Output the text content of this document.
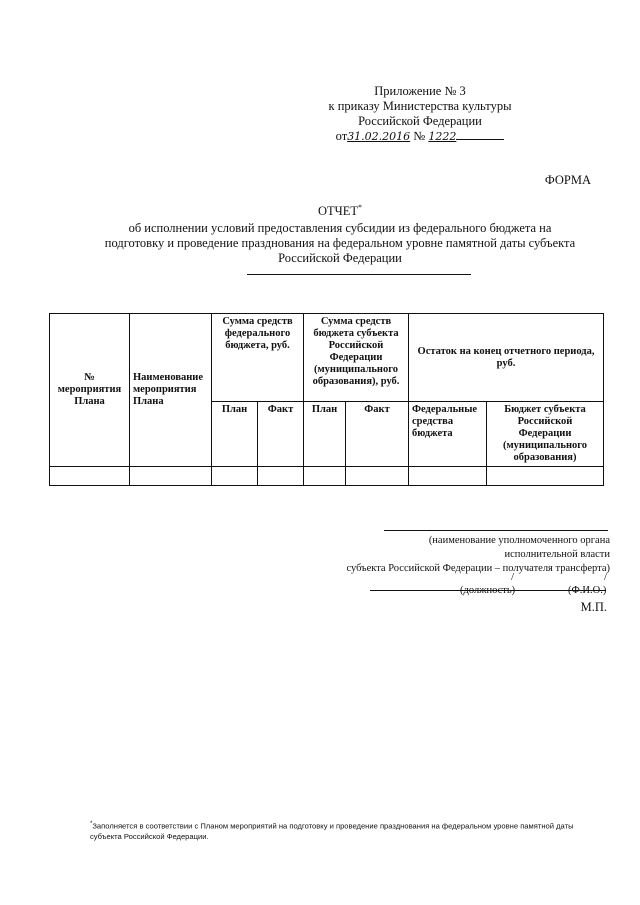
Приложение № 3
к приказу Министерства культуры
Российской Федерации
от31.02.2016 № 1222
ФОРМА
ОТЧЕТ*
об исполнении условий предоставления субсидии из федерального бюджета на
подготовку и проведение празднования на федеральном уровне памятной даты субъекта
Российской Федерации
№ мероприятия Плана	Наименование мероприятия Плана	Сумма средств федерального бюджета, руб.		Сумма средств бюджета субъекта Российской Федерации (муниципального образования), руб.		Остаток на конец отчетного периода, руб.	
		План	Факт	План	Факт	Федеральные средства бюджета	Бюджет субъекта Российской Федерации (муниципального образования)

(наименование уполномоченного органа
исполнительной власти
субъекта Российской Федерации – получателя трансферта)
/	/
(должность)	(Ф.И.О.)
М.П.
*Заполняется в соответствии с Планом мероприятий на подготовку и проведение празднования на федеральном уровне памятной даты субъекта Российской Федерации.
